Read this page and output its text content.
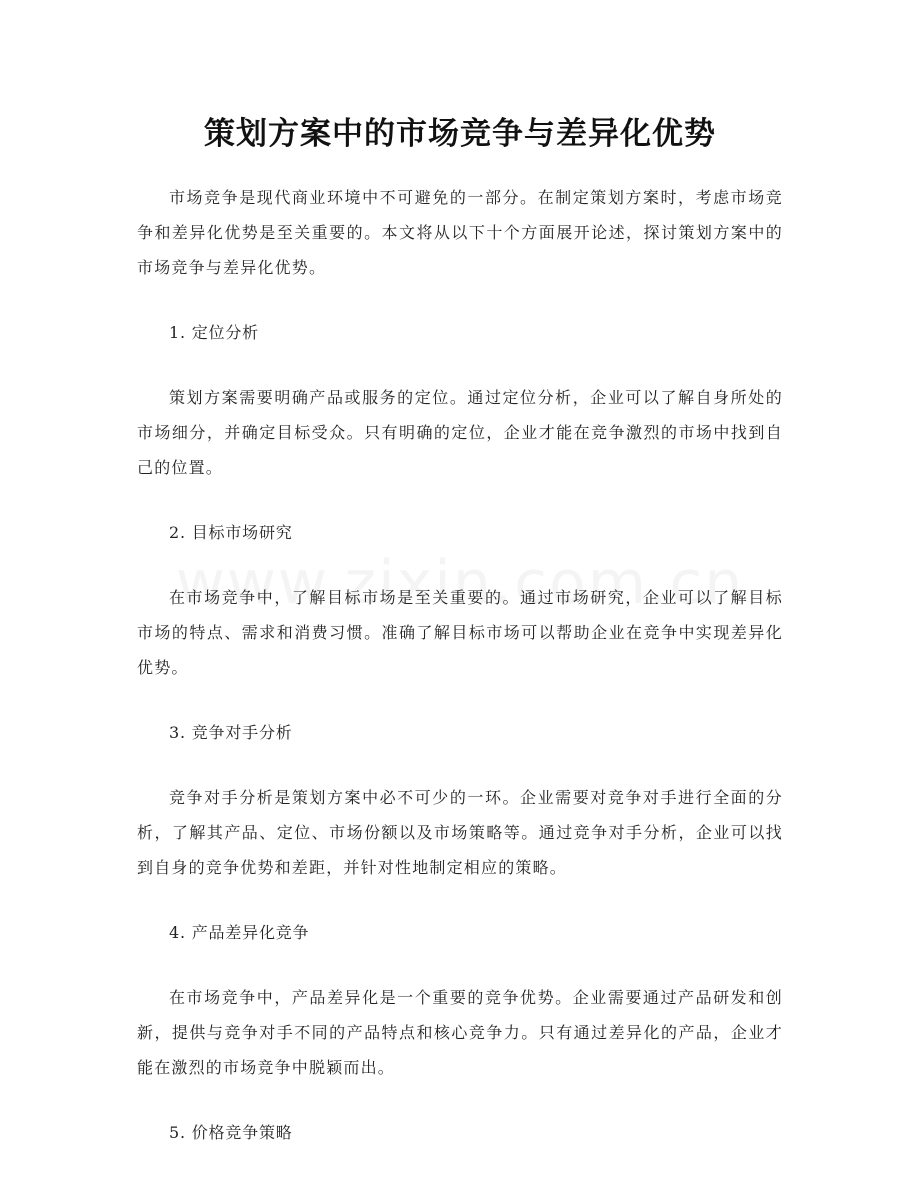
策划方案中的市场竞争与差异化优势

市场竞争是现代商业环境中不可避免的一部分。在制定策划方案时，考虑市场竞争和差异化优势是至关重要的。本文将从以下十个方面展开论述，探讨策划方案中的市场竞争与差异化优势。

1. 定位分析

策划方案需要明确产品或服务的定位。通过定位分析，企业可以了解自身所处的市场细分，并确定目标受众。只有明确的定位，企业才能在竞争激烈的市场中找到自己的位置。

2. 目标市场研究

在市场竞争中，了解目标市场是至关重要的。通过市场研究，企业可以了解目标市场的特点、需求和消费习惯。准确了解目标市场可以帮助企业在竞争中实现差异化优势。

3. 竞争对手分析

竞争对手分析是策划方案中必不可少的一环。企业需要对竞争对手进行全面的分析，了解其产品、定位、市场份额以及市场策略等。通过竞争对手分析，企业可以找到自身的竞争优势和差距，并针对性地制定相应的策略。

4. 产品差异化竞争

在市场竞争中，产品差异化是一个重要的竞争优势。企业需要通过产品研发和创新，提供与竞争对手不同的产品特点和核心竞争力。只有通过差异化的产品，企业才能在激烈的市场竞争中脱颖而出。

5. 价格竞争策略
